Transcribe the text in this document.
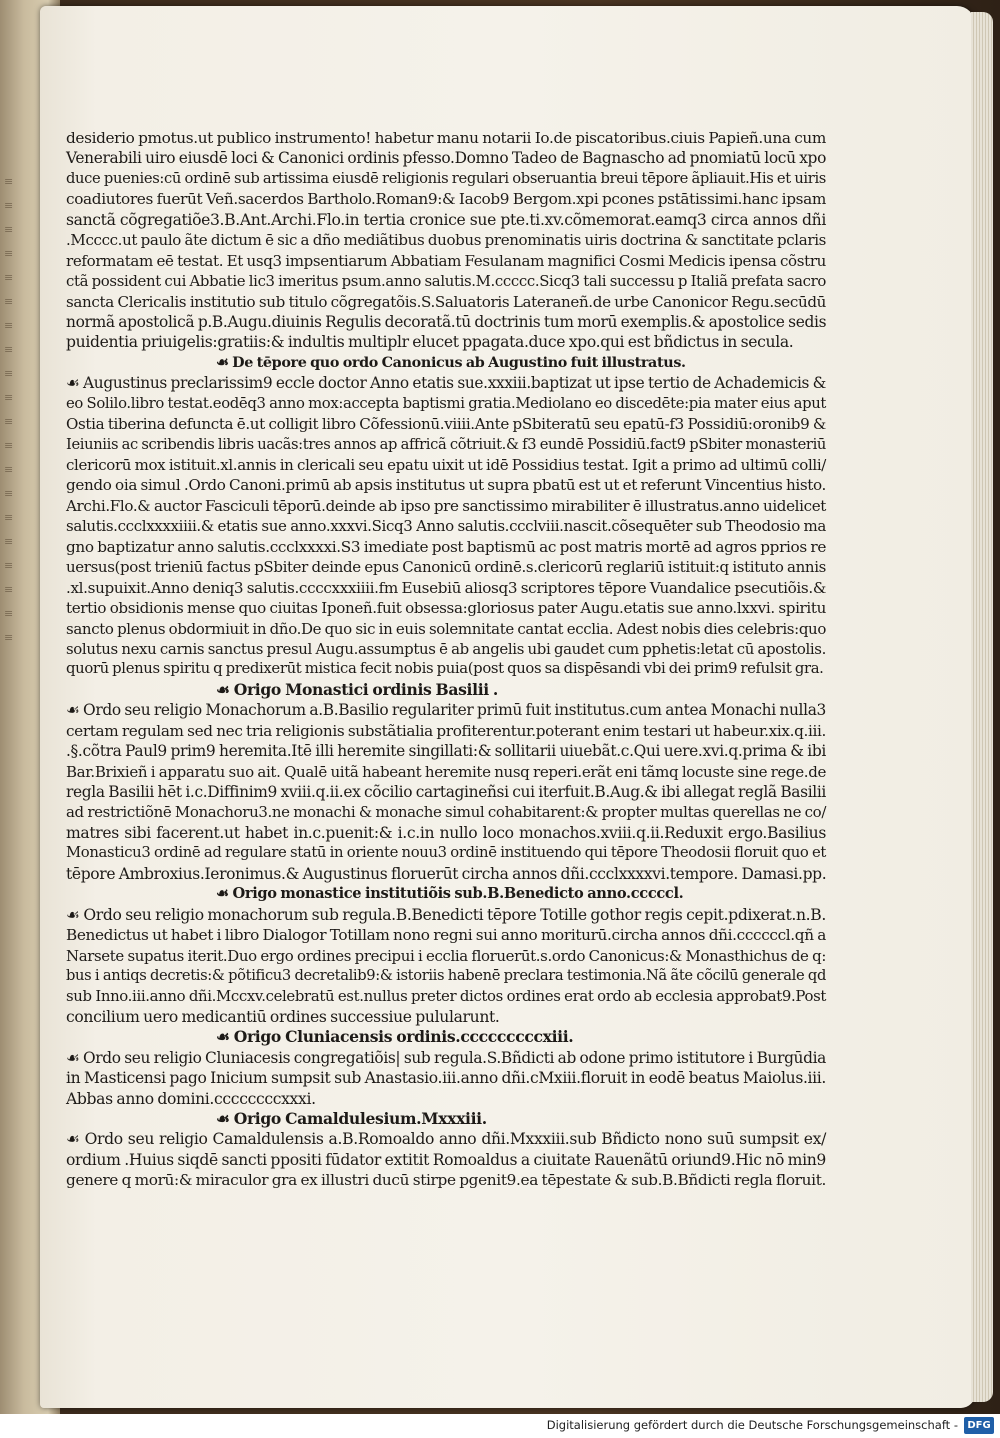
≡
≡
≡
≡
≡
≡
≡
≡
≡
≡
≡
≡
≡
≡
≡
≡
≡
≡
≡
≡
desiderio pmotus.ut publico instrumento! habetur manu notarii Io.de piscatoribus.ciuis Papieñ.una cum
Venerabili uiro eiusdē loci & Canonici ordinis pfesso.Domno Tadeo de Bagnascho ad pnomiatū locū xpo
duce puenies:cū ordinē sub artissima eiusdē religionis regulari obseruantia breui tēpore ãpliauit.His et uiris
coadiutores fuerūt Veñ.sacerdos Bartholo.Roman9:& Iacob9 Bergom.xpi pcones pstātissimi.hanc ipsam
sanctã cõgregatiõe3.B.Ant.Archi.Flo.in tertia cronice sue pte.ti.xv.cõmemorat.eamq3 circa annos dñi
.Mcccc.ut paulo ãte dictum ē sic a dño mediãtibus duobus prenominatis uiris doctrina & sanctitate pclaris
reformatam eē testat. Et usq3 impsentiarum Abbatiam Fesulanam magnifici Cosmi Medicis ipensa cõstru
ctã possident cui Abbatie lic3 imeritus psum.anno salutis.M.ccccc.Sicq3 tali successu p Italiã prefata sacro
sancta Clericalis institutio sub titulo cõgregatõis.S.Saluatoris Lateraneñ.de urbe Canonicor Regu.secūdū
normã apostolicã p.B.Augu.diuinis Regulis decoratã.tū doctrinis tum morū exemplis.& apostolice sedis
puidentia priuigelis:gratiis:& indultis multiplr elucet ppagata.duce xpo.qui est bñdictus in secula.
☙ De tēpore quo ordo Canonicus ab Augustino fuit illustratus.
☙ Augustinus preclarissim9 eccle doctor Anno etatis sue.xxxiii.baptizat ut ipse tertio de Achademicis &
eo Solilo.libro testat.eodēq3 anno mox:accepta baptismi gratia.Mediolano eo discedēte:pia mater eius aput
Ostia tiberina defuncta ē.ut colligit libro Cõfessionū.viiii.Ante pSbiteratū seu epatū-f3 Possidiū:oronib9 &
Ieiuniis ac scribendis libris uacãs:tres annos ap affricã cõtriuit.& f3 eundē Possidiū.fact9 pSbiter monasteriū
clericorū mox istituit.xl.annis in clericali seu epatu uixit ut idē Possidius testat. Igit a primo ad ultimū colli/
gendo oia simul .Ordo Canoni.primū ab apsis institutus ut supra pbatū est ut et referunt Vincentius histo.
Archi.Flo.& auctor Fasciculi tēporū.deinde ab ipso pre sanctissimo mirabiliter ē illustratus.anno uidelicet
salutis.ccclxxxxiiii.& etatis sue anno.xxxvi.Sicq3 Anno salutis.ccclviii.nascit.cõsequēter sub Theodosio ma
gno baptizatur anno salutis.ccclxxxxi.S3 imediate post baptismū ac post matris mortē ad agros pprios re
uersus(post trieniū factus pSbiter deinde epus Canonicū ordinē.s.clericorū reglariū istituit:q istituto annis
.xl.supuixit.Anno deniq3 salutis.ccccxxxiiii.fm Eusebiū aliosq3 scriptores tēpore Vuandalice psecutiõis.&
tertio obsidionis mense quo ciuitas Iponeñ.fuit obsessa:gloriosus pater Augu.etatis sue anno.lxxvi. spiritu
sancto plenus obdormiuit in dño.De quo sic in euis solemnitate cantat ecclia. Adest nobis dies celebris:quo
solutus nexu carnis sanctus presul Augu.assumptus ē ab angelis ubi gaudet cum pphetis:letat cū apostolis.
quorū plenus spiritu q predixerūt mistica fecit nobis puia(post quos sa dispēsandi vbi dei prim9 refulsit gra.
☙ Origo Monastici ordinis Basilii .
☙ Ordo seu religio Monachorum a.B.Basilio regulariter primū fuit institutus.cum antea Monachi nulla3
certam regulam sed nec tria religionis substãtialia profiterentur.poterant enim testari ut habeur.xix.q.iii.
.§.cõtra Paul9 prim9 heremita.Itē illi heremite singillati:& sollitarii uiuebãt.c.Qui uere.xvi.q.prima & ibi
Bar.Brixieñ i apparatu suo ait. Qualē uitã habeant heremite nusq reperi.erãt eni tãmq locuste sine rege.de
regla Basilii hēt i.c.Diffinim9 xviii.q.ii.ex cõcilio cartagineñsi cui iterfuit.B.Aug.& ibi allegat reglã Basilii
ad restrictiõnē Monachoru3.ne monachi & monache simul cohabitarent:& propter multas querellas ne co/
matres sibi facerent.ut habet in.c.puenit:& i.c.in nullo loco monachos.xviii.q.ii.Reduxit ergo.Basilius
Monasticu3 ordinē ad regulare statū in oriente nouu3 ordinē instituendo qui tēpore Theodosii floruit quo et
tēpore Ambroxius.Ieronimus.& Augustinus floruerūt circha annos dñi.ccclxxxxvi.tempore. Damasi.pp.
☙ Origo monastice institutiõis sub.B.Benedicto anno.cccccl.
☙ Ordo seu religio monachorum sub regula.B.Benedicti tēpore Totille gothor regis cepit.pdixerat.n.B.
Benedictus ut habet i libro Dialogor Totillam nono regni sui anno moriturū.circha annos dñi.ccccccl.qñ a
Narsete supatus iterit.Duo ergo ordines precipui i ecclia floruerūt.s.ordo Canonicus:& Monasthichus de q:
bus i antiqs decretis:& põtificu3 decretalib9:& istoriis habenē preclara testimonia.Nã ãte cõcilū generale qd
sub Inno.iii.anno dñi.Mccxv.celebratū est.nullus preter dictos ordines erat ordo ab ecclesia approbat9.Post
concilium uero medicantiū ordines successiue pulularunt.
☙ Origo Cluniacensis ordinis.cccccccccxiii.
☙ Ordo seu religio Cluniacesis congregatiõis| sub regula.S.Bñdicti ab odone primo istitutore i Burgūdia
in Masticensi pago Inicium sumpsit sub Anastasio.iii.anno dñi.cMxiii.floruit in eodē beatus Maiolus.iii.
Abbas anno domini.ccccccccxxxi.
☙ Origo Camaldulesium.Mxxxiii.
☙ Ordo seu religio Camaldulensis a.B.Romoaldo anno dñi.Mxxxiii.sub Bñdicto nono suū sumpsit ex/
ordium .Huius siqdē sancti ppositi fūdator extitit Romoaldus a ciuitate Rauenãtū oriund9.Hic nō min9
genere q morū:& miraculor gra ex illustri ducū stirpe pgenit9.ea tēpestate & sub.B.Bñdicti regla floruit.
Digitalisierung gefördert durch die Deutsche Forschungsgemeinschaft - DFG
